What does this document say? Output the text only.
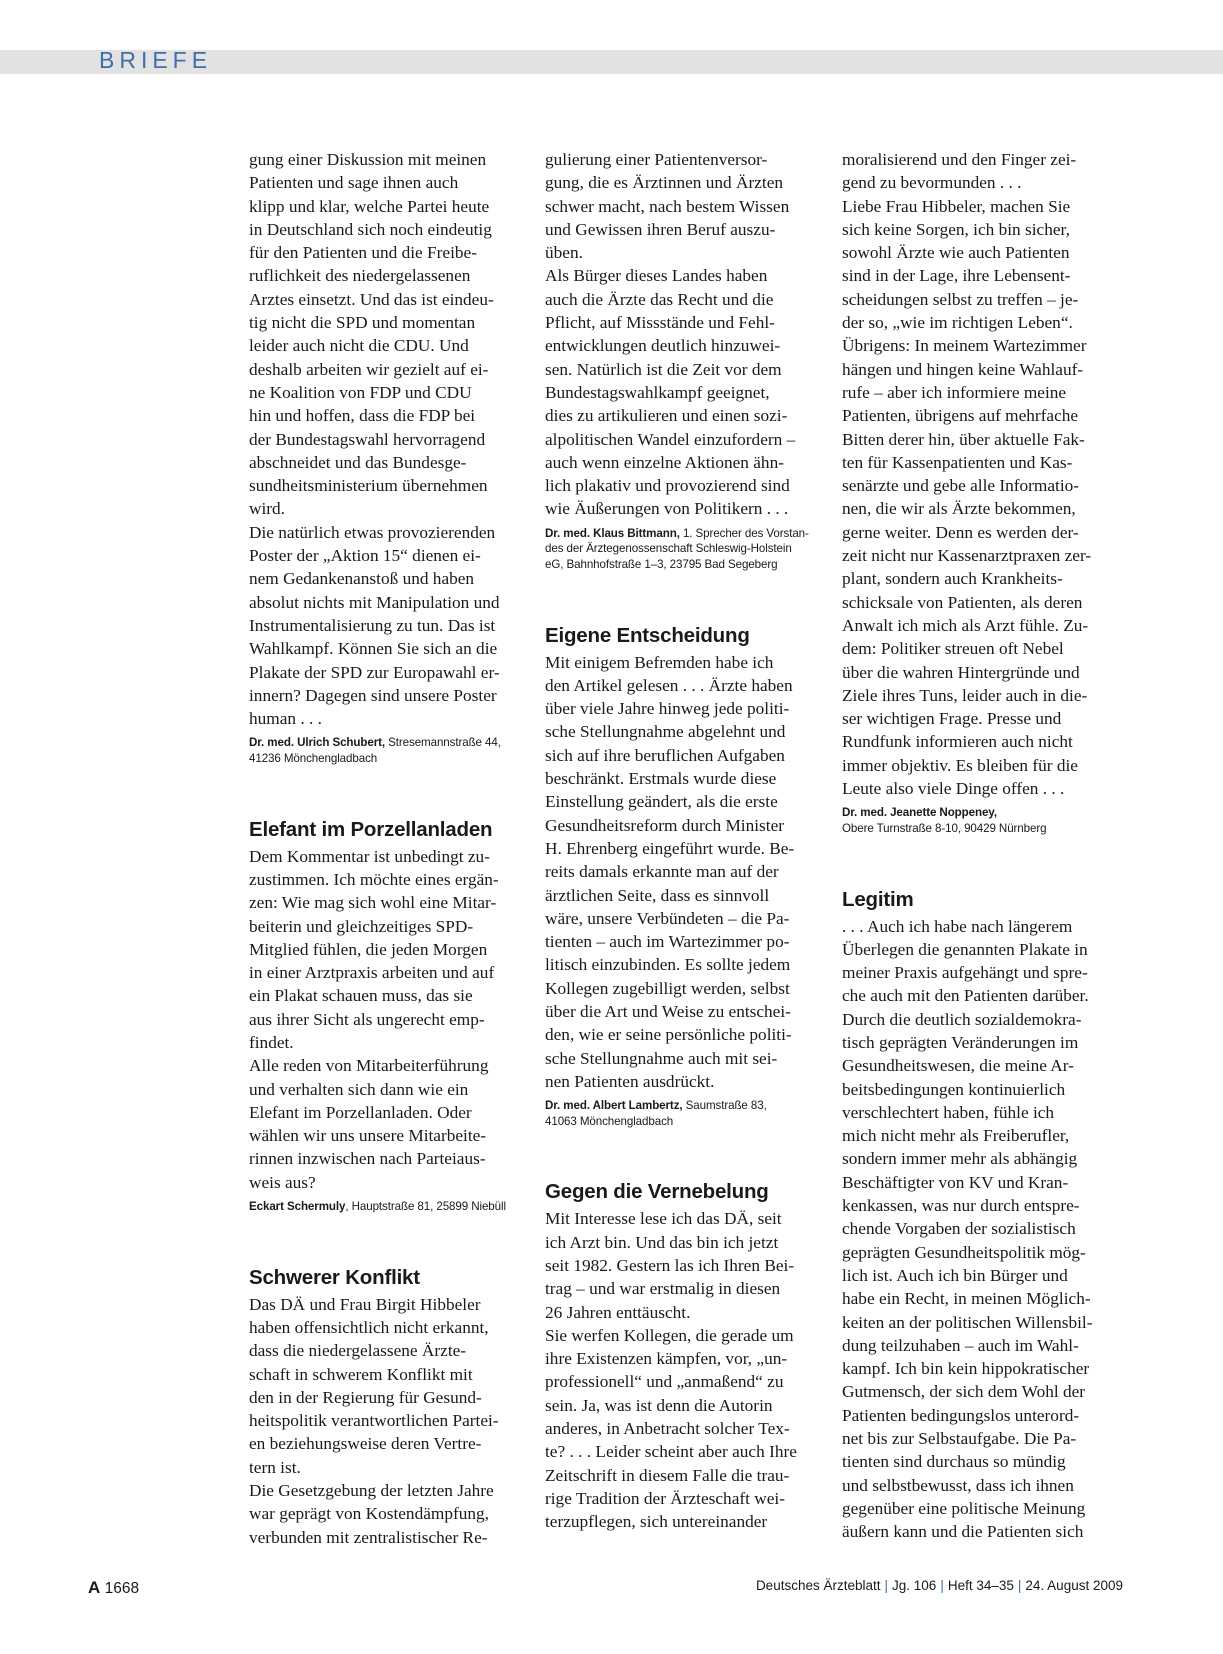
BRIEFE

gung einer Diskussion mit meinen
Patienten und sage ihnen auch
klipp und klar, welche Partei heute
in Deutschland sich noch eindeutig
für den Patienten und die Freibe-
ruflichkeit des niedergelassenen
Arztes einsetzt. Und das ist eindeu-
tig nicht die SPD und momentan
leider auch nicht die CDU. Und
deshalb arbeiten wir gezielt auf ei-
ne Koalition von FDP und CDU
hin und hoffen, dass die FDP bei
der Bundestagswahl hervorragend
abschneidet und das Bundesge-
sundheitsministerium übernehmen
wird.
Die natürlich etwas provozierenden
Poster der „Aktion 15“ dienen ei-
nem Gedankenanstoß und haben
absolut nichts mit Manipulation und
Instrumentalisierung zu tun. Das ist
Wahlkampf. Können Sie sich an die
Plakate der SPD zur Europawahl er-
innern? Dagegen sind unsere Poster
human . . .

Dr. med. Ulrich Schubert, Stresemannstraße 44,
41236 Mönchengladbach

Elefant im Porzellanladen

Dem Kommentar ist unbedingt zu-
zustimmen. Ich möchte eines ergän-
zen: Wie mag sich wohl eine Mitar-
beiterin und gleichzeitiges SPD-
Mitglied fühlen, die jeden Morgen
in einer Arztpraxis arbeiten und auf
ein Plakat schauen muss, das sie
aus ihrer Sicht als ungerecht emp-
findet.
Alle reden von Mitarbeiterführung
und verhalten sich dann wie ein
Elefant im Porzellanladen. Oder
wählen wir uns unsere Mitarbeite-
rinnen inzwischen nach Parteiaus-
weis aus?

Eckart Schermuly, Hauptstraße 81, 25899 Niebüll

Schwerer Konflikt

Das DÄ und Frau Birgit Hibbeler
haben offensichtlich nicht erkannt,
dass die niedergelassene Ärzte-
schaft in schwerem Konflikt mit
den in der Regierung für Gesund-
heitspolitik verantwortlichen Partei-
en beziehungsweise deren Vertre-
tern ist.
Die Gesetzgebung der letzten Jahre
war geprägt von Kostendämpfung,
verbunden mit zentralistischer Re-

gulierung einer Patientenversor-
gung, die es Ärztinnen und Ärzten
schwer macht, nach bestem Wissen
und Gewissen ihren Beruf auszu-
üben.
Als Bürger dieses Landes haben
auch die Ärzte das Recht und die
Pflicht, auf Missstände und Fehl-
entwicklungen deutlich hinzuwei-
sen. Natürlich ist die Zeit vor dem
Bundestagswahlkampf geeignet,
dies zu artikulieren und einen sozi-
alpolitischen Wandel einzufordern –
auch wenn einzelne Aktionen ähn-
lich plakativ und provozierend sind
wie Äußerungen von Politikern . . .

Dr. med. Klaus Bittmann, 1. Sprecher des Vorstan-
des der Ärztegenossenschaft Schleswig-Holstein
eG, Bahnhofstraße 1–3, 23795 Bad Segeberg

Eigene Entscheidung

Mit einigem Befremden habe ich
den Artikel gelesen . . . Ärzte haben
über viele Jahre hinweg jede politi-
sche Stellungnahme abgelehnt und
sich auf ihre beruflichen Aufgaben
beschränkt. Erstmals wurde diese
Einstellung geändert, als die erste
Gesundheitsreform durch Minister
H. Ehrenberg eingeführt wurde. Be-
reits damals erkannte man auf der
ärztlichen Seite, dass es sinnvoll
wäre, unsere Verbündeten – die Pa-
tienten – auch im Wartezimmer po-
litisch einzubinden. Es sollte jedem
Kollegen zugebilligt werden, selbst
über die Art und Weise zu entschei-
den, wie er seine persönliche politi-
sche Stellungnahme auch mit sei-
nen Patienten ausdrückt.

Dr. med. Albert Lambertz, Saumstraße 83,
41063 Mönchengladbach

Gegen die Vernebelung

Mit Interesse lese ich das DÄ, seit
ich Arzt bin. Und das bin ich jetzt
seit 1982. Gestern las ich Ihren Bei-
trag – und war erstmalig in diesen
26 Jahren enttäuscht.
Sie werfen Kollegen, die gerade um
ihre Existenzen kämpfen, vor, „un-
professionell“ und „anmaßend“ zu
sein. Ja, was ist denn die Autorin
anderes, in Anbetracht solcher Tex-
te? . . . Leider scheint aber auch Ihre
Zeitschrift in diesem Falle die trau-
rige Tradition der Ärzteschaft wei-
terzupflegen, sich untereinander

moralisierend und den Finger zei-
gend zu bevormunden . . .
Liebe Frau Hibbeler, machen Sie
sich keine Sorgen, ich bin sicher,
sowohl Ärzte wie auch Patienten
sind in der Lage, ihre Lebensent-
scheidungen selbst zu treffen – je-
der so, „wie im richtigen Leben“.
Übrigens: In meinem Wartezimmer
hängen und hingen keine Wahlauf-
rufe – aber ich informiere meine
Patienten, übrigens auf mehrfache
Bitten derer hin, über aktuelle Fak-
ten für Kassenpatienten und Kas-
senärzte und gebe alle Informatio-
nen, die wir als Ärzte bekommen,
gerne weiter. Denn es werden der-
zeit nicht nur Kassenarztpraxen zer-
plant, sondern auch Krankheits-
schicksale von Patienten, als deren
Anwalt ich mich als Arzt fühle. Zu-
dem: Politiker streuen oft Nebel
über die wahren Hintergründe und
Ziele ihres Tuns, leider auch in die-
ser wichtigen Frage. Presse und
Rundfunk informieren auch nicht
immer objektiv. Es bleiben für die
Leute also viele Dinge offen . . .

Dr. med. Jeanette Noppeney,
Obere Turnstraße 8-10, 90429 Nürnberg

Legitim

. . . Auch ich habe nach längerem
Überlegen die genannten Plakate in
meiner Praxis aufgehängt und spre-
che auch mit den Patienten darüber.
Durch die deutlich sozialdemokra-
tisch geprägten Veränderungen im
Gesundheitswesen, die meine Ar-
beitsbedingungen kontinuierlich
verschlechtert haben, fühle ich
mich nicht mehr als Freiberufler,
sondern immer mehr als abhängig
Beschäftigter von KV und Kran-
kenkassen, was nur durch entspre-
chende Vorgaben der sozialistisch
geprägten Gesundheitspolitik mög-
lich ist. Auch ich bin Bürger und
habe ein Recht, in meinen Möglich-
keiten an der politischen Willensbil-
dung teilzuhaben – auch im Wahl-
kampf. Ich bin kein hippokratischer
Gutmensch, der sich dem Wohl der
Patienten bedingungslos unterord-
net bis zur Selbstaufgabe. Die Pa-
tienten sind durchaus so mündig
und selbstbewusst, dass ich ihnen
gegenüber eine politische Meinung
äußern kann und die Patienten sich

A 1668	Deutsches Ärzteblatt | Jg. 106 | Heft 34–35 | 24. August 2009
